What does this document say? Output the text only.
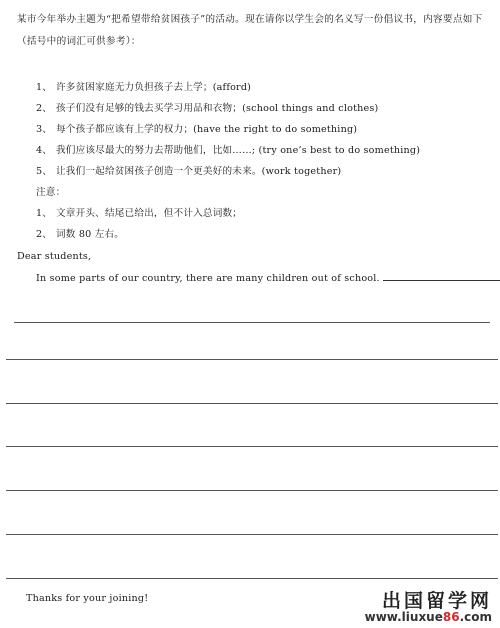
某市今年举办主题为“把希望带给贫困孩子”的活动。现在请你以学生会的名义写一份倡议书，内容要点如下（括号中的词汇可供参考）：
1、 许多贫困家庭无力负担孩子去上学；(afford)
2、 孩子们没有足够的钱去买学习用品和衣物；(school things and clothes)
3、 每个孩子都应该有上学的权力；(have the right to do something)
4、 我们应该尽最大的努力去帮助他们，比如……; (try one’s best to do something)
5、 让我们一起给贫困孩子创造一个更美好的未来。(work together)
注意：
1、 文章开头、结尾已给出，但不计入总词数；
2、 词数 80 左右。
Dear students,
In some parts of our country, there are many children out of school.
Thanks for your joining!	出国留学网
www.liuxue86.com
